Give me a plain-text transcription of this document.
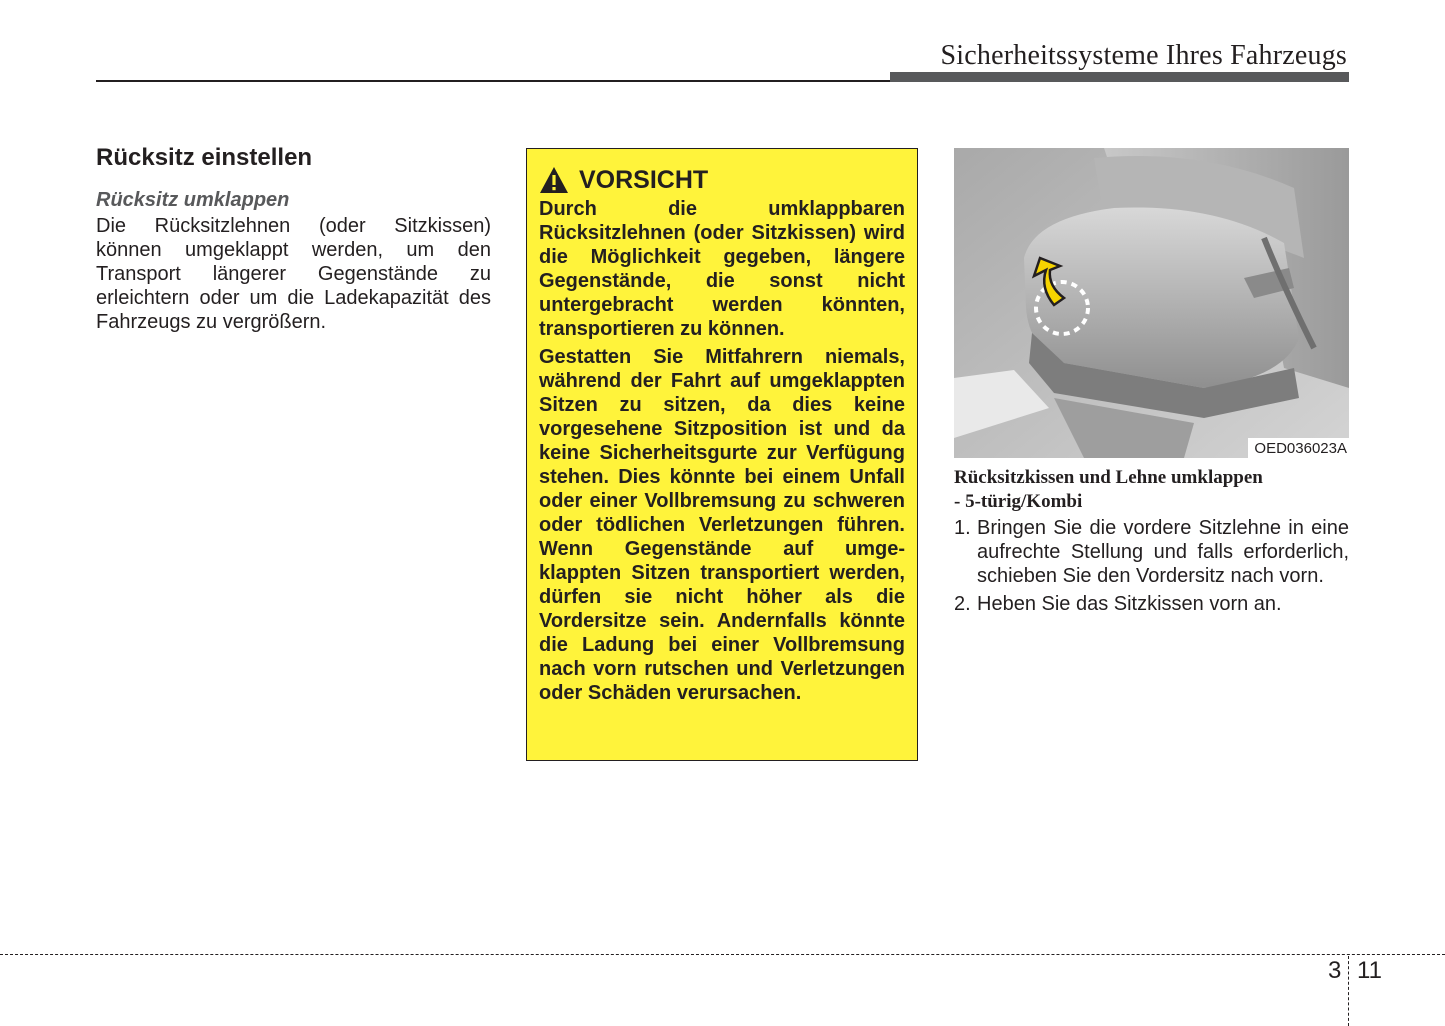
Sicherheitssysteme Ihres Fahrzeugs
Rücksitz einstellen
Rücksitz umklappen

Die Rücksitzlehnen (oder Sitzkissen) können umgeklappt werden, um den Transport längerer Gegenstände zu erleichtern oder um die Ladekapazität des Fahrzeugs zu vergrößern.

VORSICHT

Durch die umklappbaren Rücksitzlehnen (oder Sitzkissen) wird die Möglichkeit gegeben, längere Gegenstände, die sonst nicht untergebracht werden könnten, transportieren zu können.

Gestatten Sie Mitfahrern niemals, während der Fahrt auf umgeklappten Sitzen zu sitzen, da dies keine vorgesehene Sitzposition ist und da keine Sicherheitsgurte zur Verfügung stehen. Dies könnte bei einem Unfall oder einer Vollbremsung zu schweren oder tödlichen Verletzungen führen. Wenn Gegenstände auf umge-klappten Sitzen transportiert werden, dürfen sie nicht höher als die Vordersitze sein. Andernfalls könnte die Ladung bei einer Vollbremsung nach vorn rutschen und Verletzungen oder Schäden verursachen.

OED036023A
Rücksitzkissen und Lehne umklappen
- 5-türig/Kombi
1. Bringen Sie die vordere Sitzlehne in eine aufrechte Stellung und falls erforderlich, schieben Sie den Vordersitz nach vorn.
2. Heben Sie das Sitzkissen vorn an.
3 11
